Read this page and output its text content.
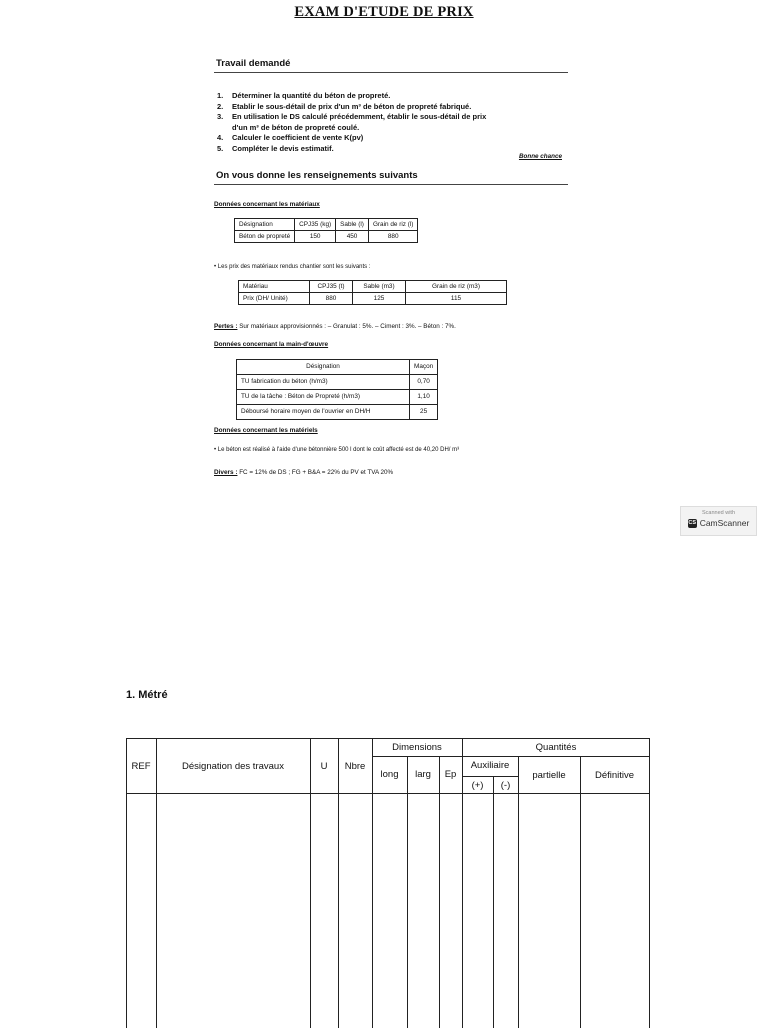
EXAM D'ETUDE DE PRIX
Travail demandé
1. Déterminer la quantité du béton de propreté.
2. Etablir le sous-détail de prix d'un m³ de béton de propreté fabriqué.
3. En utilisation le DS calculé précédemment, établir le sous-détail de prix
d'un m³ de béton de propreté coulé.
4. Calculer le coefficient de vente K(pv)
5. Compléter le devis estimatif.
Bonne chance
On vous donne les renseignements suivants
Données concernant les matériaux
Désignation	CPJ35 (kg)	Sable (l)	Grain de riz (l)
Béton de propreté	150	450	880
• Les prix des matériaux rendus chantier sont les suivants :
Matériau	CPJ35 (t)	Sable (m3)	Grain de riz (m3)
Prix (DH/ Unité)	880	125	115
Pertes : Sur matériaux approvisionnés : – Granulat : 5%. – Ciment : 3%. – Béton : 7%.
Données concernant la main-d'œuvre
Désignation	Maçon
TU fabrication du béton (h/m3)	0,70
TU de la tâche : Béton de Propreté (h/m3)	1,10
Déboursé horaire moyen de l'ouvrier en DH/H	25
Données concernant les matériels
• Le béton est réalisé à l'aide d'une bétonnière 500 l dont le coût affecté est de 40,20 DH/ m³
Divers : FC = 12% de DS ; FG + B&A = 22% du PV et TVA 20%
Scanned with
CS CamScanner
1. Métré
REF	Désignation des travaux	U	Nbre
Dimensions
long	larg	Ep
Quantités
Auxiliaire
(+)	(-)
partielle	Définitive
